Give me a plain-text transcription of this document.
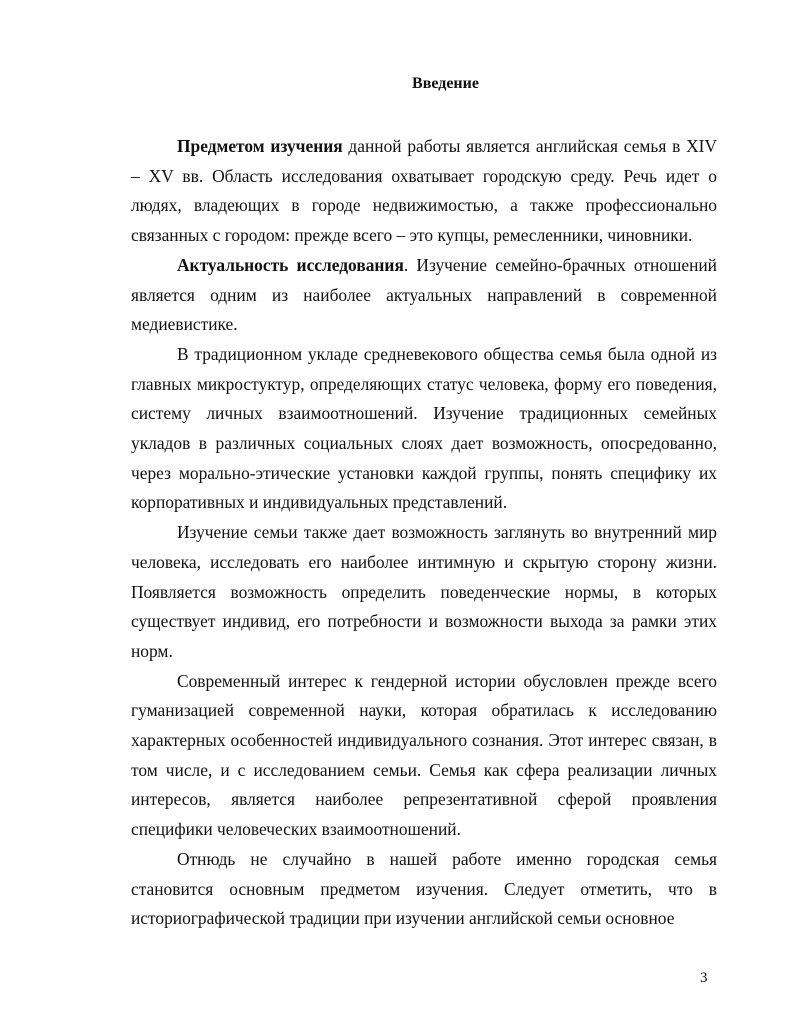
Введение

Предметом изучения данной работы является английская семья в XIV – XV вв. Область исследования охватывает городскую среду. Речь идет о людях, владеющих в городе недвижимостью, а также профессионально связанных с городом: прежде всего – это купцы, ремесленники, чиновники.

Актуальность исследования. Изучение семейно-брачных отношений является одним из наиболее актуальных направлений в современной медиевистике.

В традиционном укладе средневекового общества семья была одной из главных микростуктур, определяющих статус человека, форму его поведения, систему личных взаимоотношений. Изучение традиционных семейных укладов в различных социальных слоях дает возможность, опосредованно, через морально-этические установки каждой группы, понять специфику их корпоративных и индивидуальных представлений.

Изучение семьи также дает возможность заглянуть во внутренний мир человека, исследовать его наиболее интимную и скрытую сторону жизни. Появляется возможность определить поведенческие нормы, в которых существует индивид, его потребности и возможности выхода за рамки этих норм.

Современный интерес к гендерной истории обусловлен прежде всего гуманизацией современной науки, которая обратилась к исследованию характерных особенностей индивидуального сознания. Этот интерес связан, в том числе, и с исследованием семьи. Семья как сфера реализации личных интересов, является наиболее репрезентативной сферой проявления специфики человеческих взаимоотношений.

Отнюдь не случайно в нашей работе именно городская семья становится основным предметом изучения. Следует отметить, что в историографической традиции при изучении английской семьи основное

3
